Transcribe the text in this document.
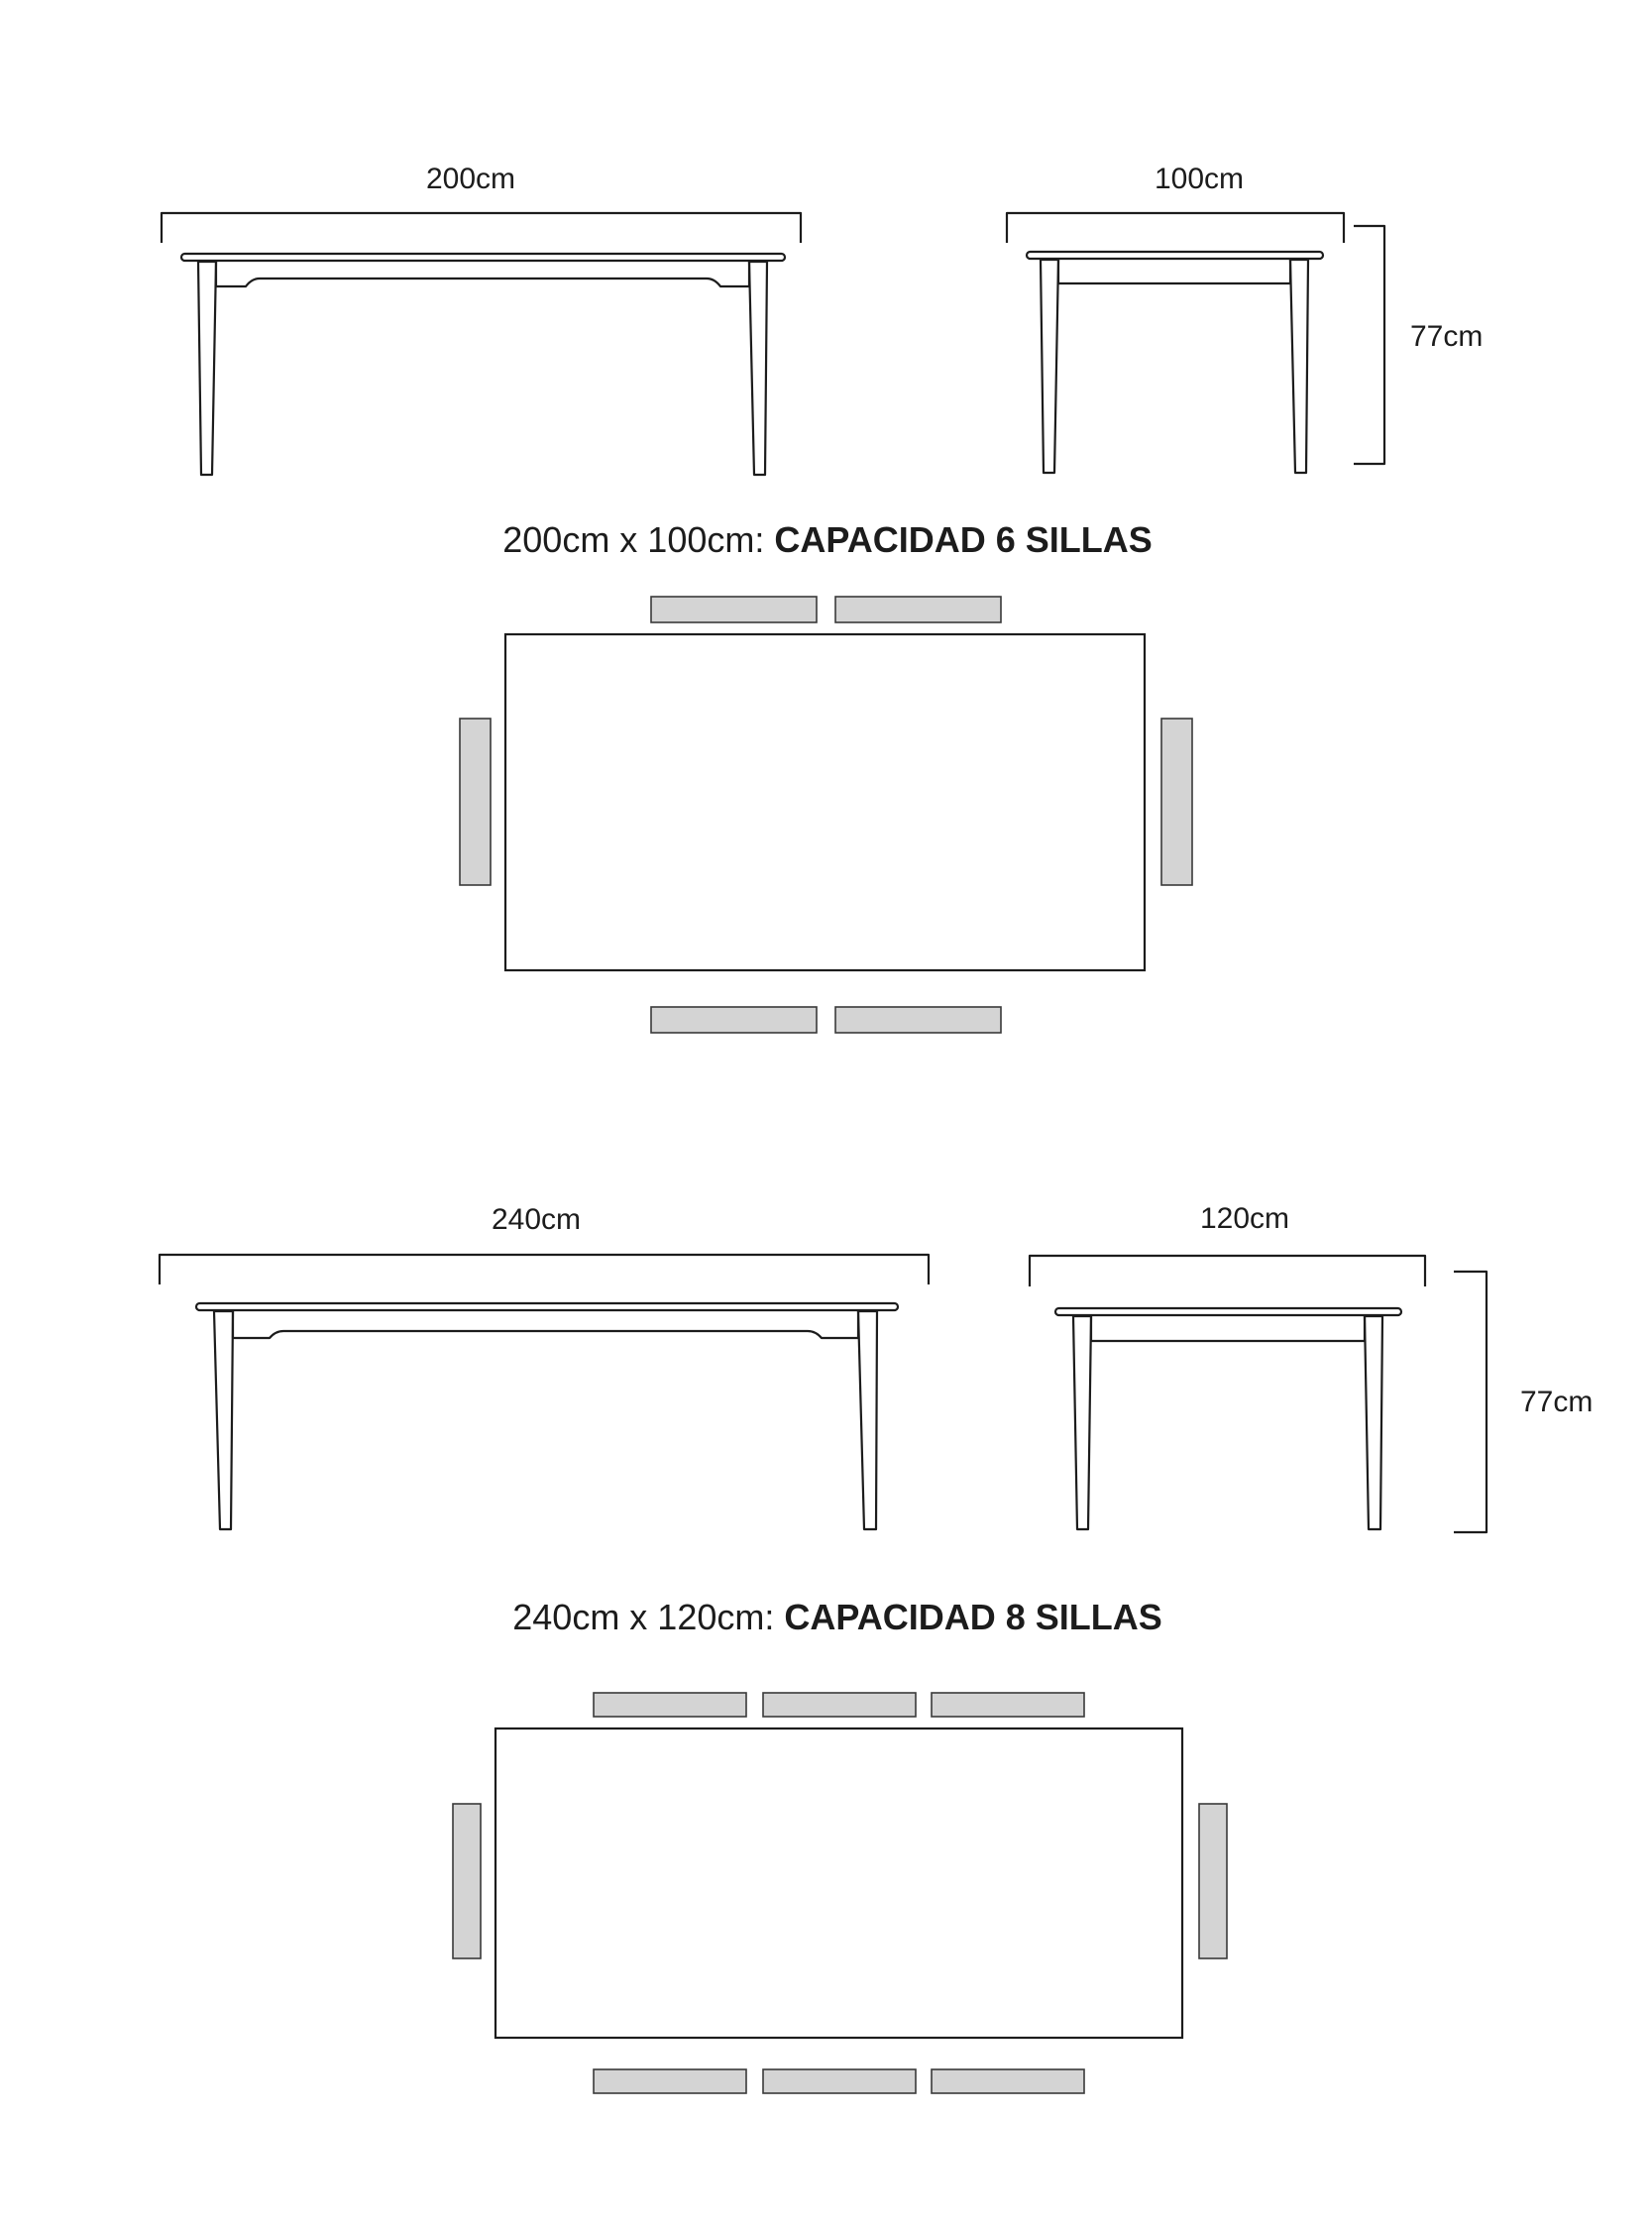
200cm	100cm
77cm
200cm x 100cm: CAPACIDAD 6 SILLAS
240cm	120cm
77cm
240cm x 120cm: CAPACIDAD 8 SILLAS
